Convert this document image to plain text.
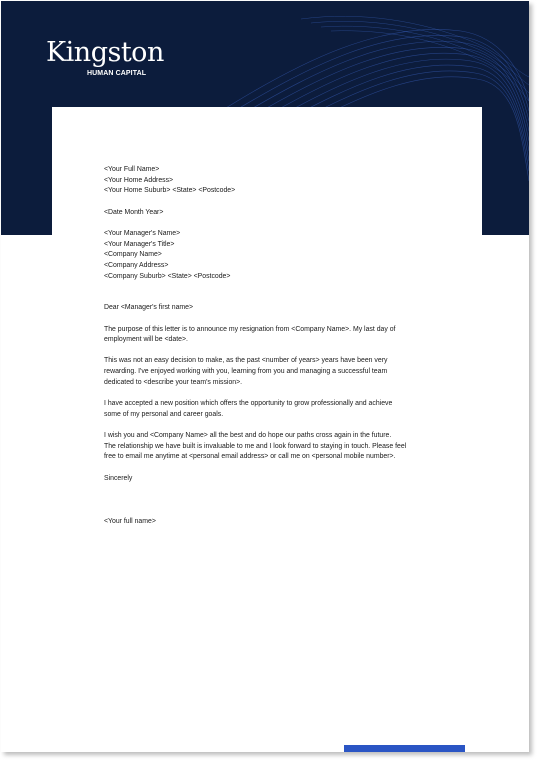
Kingston
HUMAN CAPITAL
<Your Full Name>
<Your Home Address>
<Your Home Suburb> <State> <Postcode>
<Date Month Year>
<Your Manager's Name>
<Your Manager's Title>
<Company Name>
<Company Address>
<Company Suburb> <State> <Postcode>
Dear <Manager's first name>
The purpose of this letter is to announce my resignation from <Company Name>. My last day of
employment will be <date>.
This was not an easy decision to make, as the past <number of years> years have been very
rewarding. I've enjoyed working with you, learning from you and managing a successful team
dedicated to <describe your team's mission>.
I have accepted a new position which offers the opportunity to grow professionally and achieve
some of my personal and career goals.
I wish you and <Company Name> all the best and do hope our paths cross again in the future.
The relationship we have built is invaluable to me and I look forward to staying in touch. Please feel
free to email me anytime at <personal email address> or call me on <personal mobile number>.
Sincerely
<Your full name>
